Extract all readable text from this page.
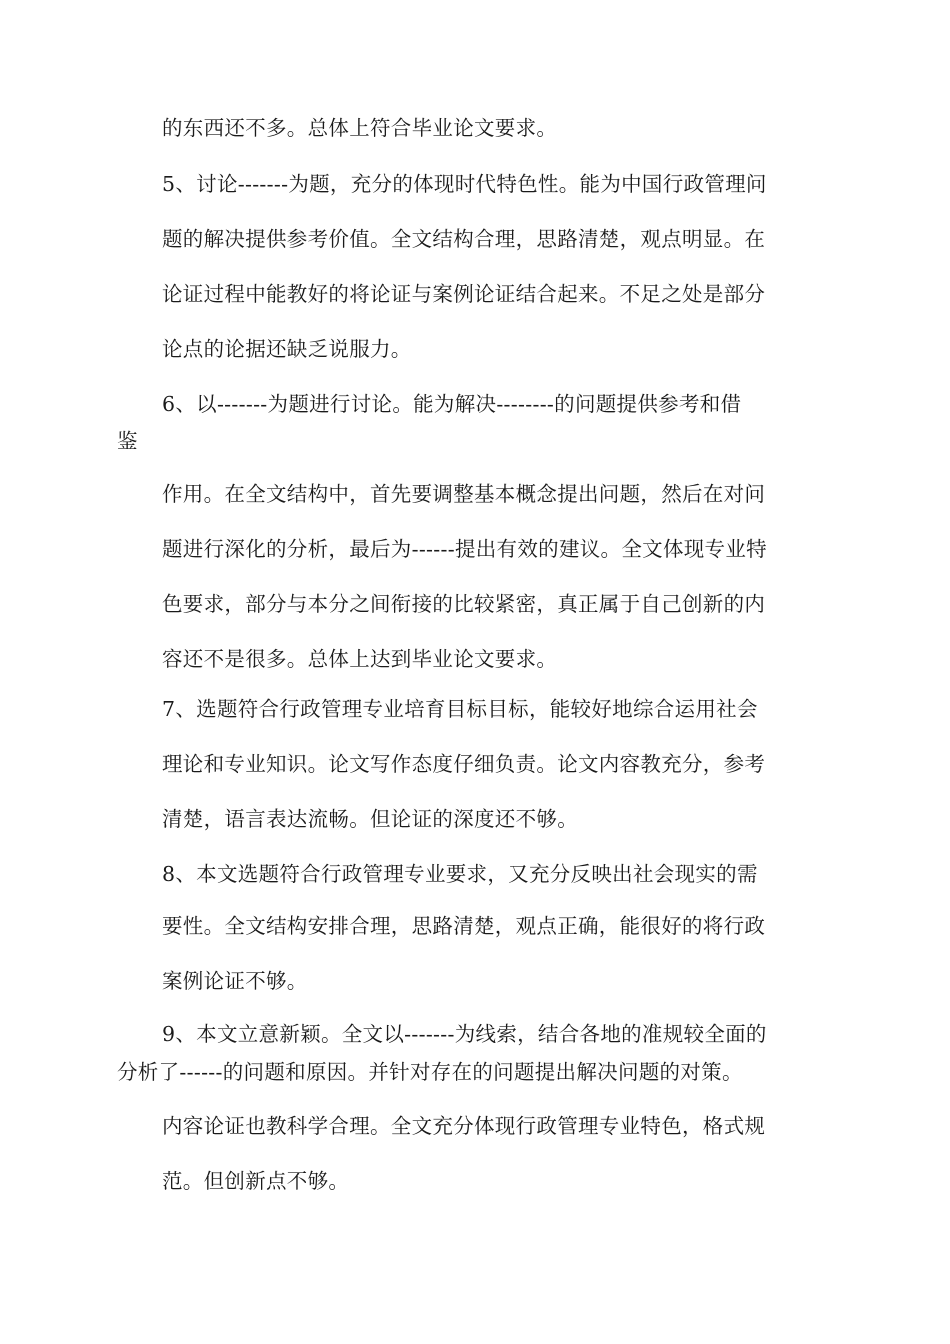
的东西还不多。总体上符合毕业论文要求。
5、讨论-------为题，充分的体现时代特色性。能为中国行政管理问
题的解决提供参考价值。全文结构合理，思路清楚，观点明显。在
论证过程中能教好的将论证与案例论证结合起来。不足之处是部分
论点的论据还缺乏说服力。
6、以-------为题进行讨论。能为解决--------的问题提供参考和借
鉴
作用。在全文结构中，首先要调整基本概念提出问题，然后在对问
题进行深化的分析，最后为------提出有效的建议。全文体现专业特
色要求，部分与本分之间衔接的比较紧密，真正属于自己创新的内
容还不是很多。总体上达到毕业论文要求。
7、选题符合行政管理专业培育目标目标，能较好地综合运用社会
理论和专业知识。论文写作态度仔细负责。论文内容教充分，参考
清楚，语言表达流畅。但论证的深度还不够。
8、本文选题符合行政管理专业要求，又充分反映出社会现实的需
要性。全文结构安排合理，思路清楚，观点正确，能很好的将行政
案例论证不够。
9、本文立意新颖。全文以-------为线索，结合各地的准规较全面的
分析了------的问题和原因。并针对存在的问题提出解决问题的对策。
内容论证也教科学合理。全文充分体现行政管理专业特色，格式规
范。但创新点不够。
